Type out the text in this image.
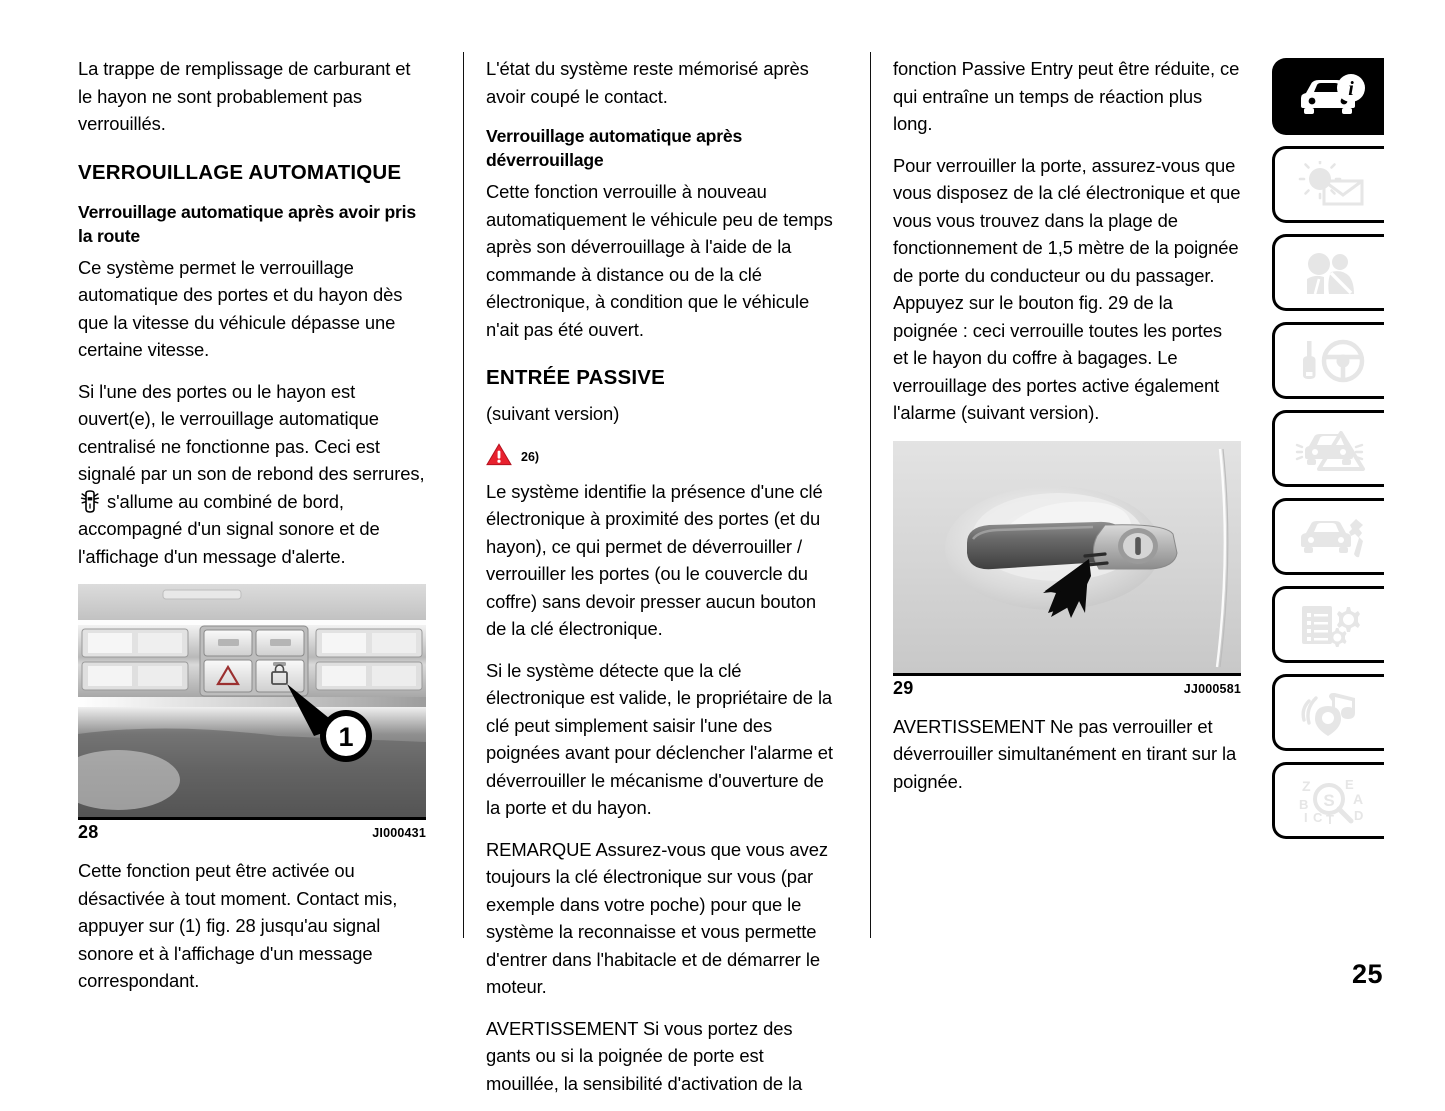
La trappe de remplissage de carburant et le hayon ne sont probablement pas verrouillés.

VERROUILLAGE AUTOMATIQUE
Verrouillage automatique après avoir pris la route

Ce système permet le verrouillage automatique des portes et du hayon dès que la vitesse du véhicule dépasse une certaine vitesse.

Si l'une des portes ou le hayon est ouvert(e), le verrouillage automatique centralisé ne fonctionne pas. Ceci est signalé par un son de rebond des serrures,
s'allume au combiné de bord, accompagné d'un signal sonore et de l'affichage d'un message d'alerte.

1
28	JI000431

Cette fonction peut être activée ou désactivée à tout moment. Contact mis, appuyer sur (1) fig. 28 jusqu'au signal sonore et à l'affichage d'un message correspondant.

L'état du système reste mémorisé après avoir coupé le contact.

Verrouillage automatique après déverrouillage

Cette fonction verrouille à nouveau automatiquement le véhicule peu de temps après son déverrouillage à l'aide de la commande à distance ou de la clé électronique, à condition que le véhicule n'ait pas été ouvert.

ENTRÉE PASSIVE

(suivant version)

26)

Le système identifie la présence d'une clé électronique à proximité des portes (et du hayon), ce qui permet de déverrouiller / verrouiller les portes (ou le couvercle du coffre) sans devoir presser aucun bouton de la clé électronique.

Si le système détecte que la clé électronique est valide, le propriétaire de la clé peut simplement saisir l'une des poignées avant pour déclencher l'alarme et déverrouiller le mécanisme d'ouverture de la porte et du hayon.

REMARQUE Assurez-vous que vous avez toujours la clé électronique sur vous (par exemple dans votre poche) pour que le système la reconnaisse et vous permette d'entrer dans l'habitacle et de démarrer le moteur.

AVERTISSEMENT Si vous portez des gants ou si la poignée de porte est mouillée, la sensibilité d'activation de la

fonction Passive Entry peut être réduite, ce qui entraîne un temps de réaction plus long.

Pour verrouiller la porte, assurez-vous que vous disposez de la clé électronique et que vous vous trouvez dans la plage de fonctionnement de 1,5 mètre de la poignée de porte du conducteur ou du passager. Appuyez sur le bouton fig. 29 de la poignée : ceci verrouille toutes les portes et le hayon du coffre à bagages. Le verrouillage des portes active également l'alarme (suivant version).

29	JJ000581

AVERTISSEMENT Ne pas verrouiller et déverrouiller simultanément en tirant sur la poignée.

i
Z
B
I C T
E
A
D
S
25
